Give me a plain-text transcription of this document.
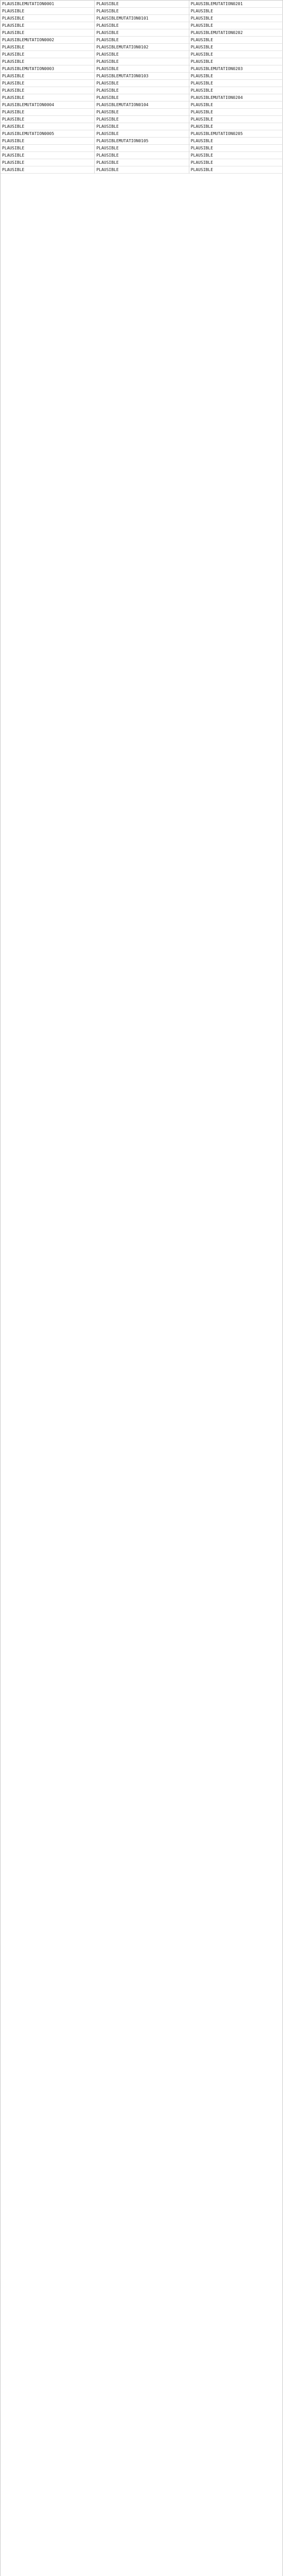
PLAUSIBLEMUTATION0001	PLAUSIBLE	PLAUSIBLEMUTATION0201
PLAUSIBLE	PLAUSIBLE	PLAUSIBLE
PLAUSIBLE	PLAUSIBLEMUTATION0101	PLAUSIBLE
PLAUSIBLE	PLAUSIBLE	PLAUSIBLE
PLAUSIBLE	PLAUSIBLE	PLAUSIBLEMUTATION0202
PLAUSIBLEMUTATION0002	PLAUSIBLE	PLAUSIBLE
PLAUSIBLE	PLAUSIBLEMUTATION0102	PLAUSIBLE
PLAUSIBLE	PLAUSIBLE	PLAUSIBLE
PLAUSIBLE	PLAUSIBLE	PLAUSIBLE
PLAUSIBLEMUTATION0003	PLAUSIBLE	PLAUSIBLEMUTATION0203
PLAUSIBLE	PLAUSIBLEMUTATION0103	PLAUSIBLE
PLAUSIBLE	PLAUSIBLE	PLAUSIBLE
PLAUSIBLE	PLAUSIBLE	PLAUSIBLE
PLAUSIBLE	PLAUSIBLE	PLAUSIBLEMUTATION0204
PLAUSIBLEMUTATION0004	PLAUSIBLEMUTATION0104	PLAUSIBLE
PLAUSIBLE	PLAUSIBLE	PLAUSIBLE
PLAUSIBLE	PLAUSIBLE	PLAUSIBLE
PLAUSIBLE	PLAUSIBLE	PLAUSIBLE
PLAUSIBLEMUTATION0005	PLAUSIBLE	PLAUSIBLEMUTATION0205
PLAUSIBLE	PLAUSIBLEMUTATION0105	PLAUSIBLE
PLAUSIBLE	PLAUSIBLE	PLAUSIBLE
PLAUSIBLE	PLAUSIBLE	PLAUSIBLE
PLAUSIBLE	PLAUSIBLE	PLAUSIBLE
PLAUSIBLE	PLAUSIBLE	PLAUSIBLE
